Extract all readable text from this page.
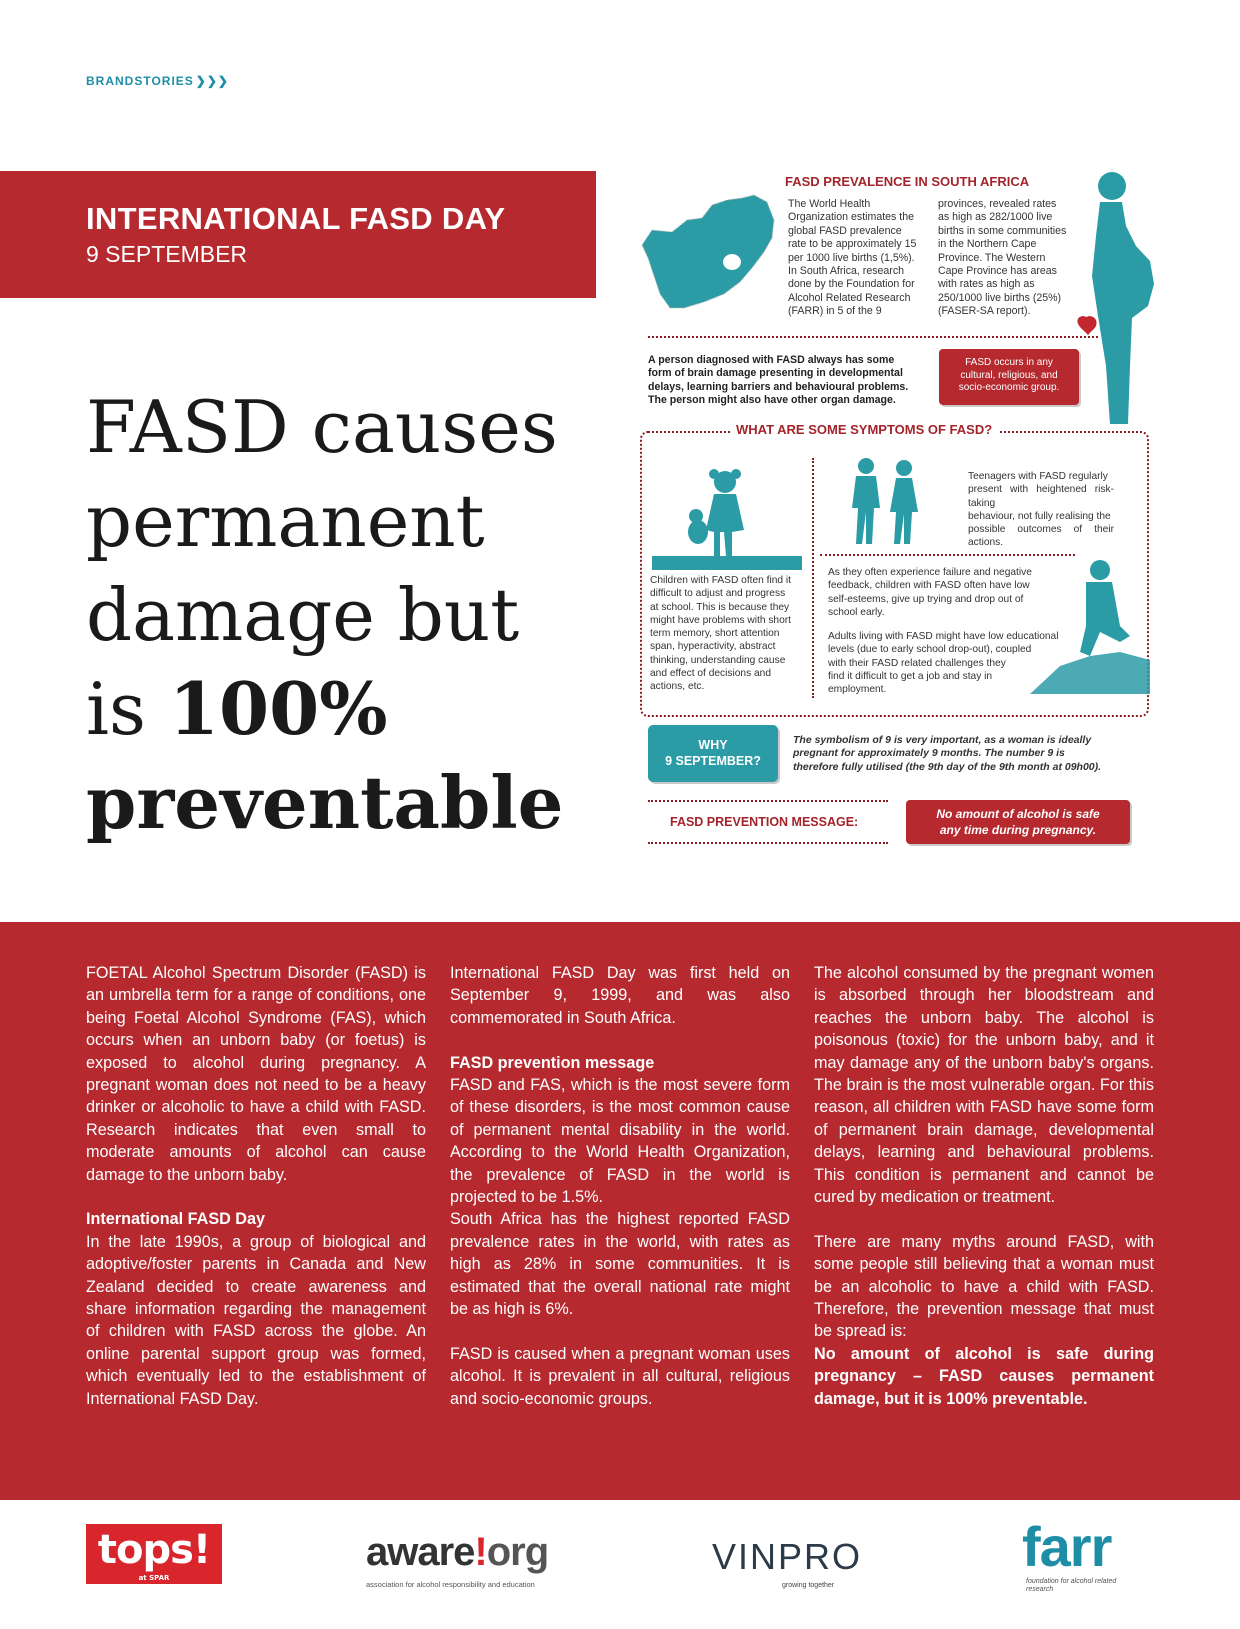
BRANDSTORIES ❯❯❯
INTERNATIONAL FASD DAY
9 SEPTEMBER
FASD causes
permanent
damage but
is 100%
preventable
FASD PREVALENCE IN SOUTH AFRICA
The World Health
Organization estimates the
global FASD prevalence
rate to be approximately 15
per 1000 live births (1,5%).
In South Africa, research
done by the Foundation for
Alcohol Related Research
(FARR) in 5 of the 9
provinces, revealed rates
as high as 282/1000 live
births in some communities
in the Northern Cape
Province. The Western
Cape Province has areas
with rates as high as
250/1000 live births (25%)
(FASER-SA report).
A person diagnosed with FASD always has some
form of brain damage presenting in developmental
delays, learning barriers and behavioural problems.
The person might also have other organ damage.
FASD occurs in any
cultural, religious, and
socio-economic group.
WHAT ARE SOME SYMPTOMS OF FASD?
Teenagers with FASD regularly
present with heightened risk-taking
behaviour, not fully realising the
possible outcomes of their actions.
Children with FASD often find it
difficult to adjust and progress
at school. This is because they
might have problems with short
term memory, short attention
span, hyperactivity, abstract
thinking, understanding cause
and effect of decisions and
actions, etc.
As they often experience failure and negative
feedback, children with FASD often have low
self-esteems, give up trying and drop out of
school early.
Adults living with FASD might have low educational
levels (due to early school drop-out), coupled
with their FASD related challenges they
find it difficult to get a job and stay in
employment.
WHY
9 SEPTEMBER?
The symbolism of 9 is very important, as a woman is ideally
pregnant for approximately 9 months. The number 9 is
therefore fully utilised (the 9th day of the 9th month at 09h00).
FASD PREVENTION MESSAGE:
No amount of alcohol is safe
any time during pregnancy.

FOETAL Alcohol Spectrum Disorder (FASD) is an umbrella term for a range of conditions, one being Foetal Alcohol Syndrome (FAS), which occurs when an unborn baby (or foetus) is exposed to alcohol during pregnancy. A pregnant woman does not need to be a heavy drinker or alcoholic to have a child with FASD. Research indicates that even small to moderate amounts of alcohol can cause damage to the unborn baby.

International FASD Day

In the late 1990s, a group of biological and adoptive/foster parents in Canada and New Zealand decided to create awareness and share information regarding the management of children with FASD across the globe. An online parental support group was formed, which eventually led to the establishment of International FASD Day.

International FASD Day was first held on September 9, 1999, and was also commemorated in South Africa.

FASD prevention message

FASD and FAS, which is the most severe form of these disorders, is the most common cause of permanent mental disability in the world. According to the World Health Organization, the prevalence of FASD in the world is projected to be 1.5%.

South Africa has the highest reported FASD prevalence rates in the world, with rates as high as 28% in some communities. It is estimated that the overall national rate might be as high is 6%.

FASD is caused when a pregnant woman uses alcohol. It is prevalent in all cultural, religious and socio-economic groups.

The alcohol consumed by the pregnant women is absorbed through her bloodstream and reaches the unborn baby. The alcohol is poisonous (toxic) for the unborn baby, and it may damage any of the unborn baby's organs. The brain is the most vulnerable organ. For this reason, all children with FASD have some form of permanent brain damage, developmental delays, learning and behavioural problems. This condition is permanent and cannot be cured by medication or treatment.

There are many myths around FASD, with some people still believing that a woman must be an alcoholic to have a child with FASD. Therefore, the prevention message that must be spread is:

No amount of alcohol is safe during pregnancy – FASD causes permanent damage, but it is 100% preventable.

tops!
at SPAR
aware!org
association for alcohol responsibility and education
VINPRO
growing together
farr
foundation for alcohol related research
